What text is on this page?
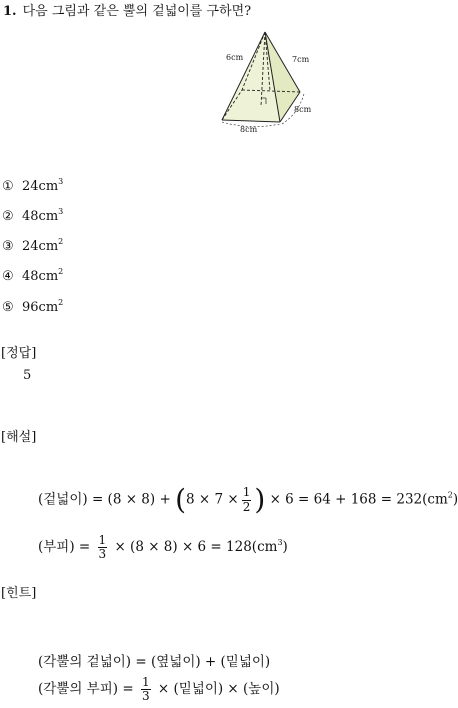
1. 다음 그림과 같은 뿔의 겉넓이를 구하면?
6cm	7cm
8cm
8cm
① $24cm^3$
② $48cm^3$
③ $24cm^2$
④ $48cm^2$
⑤ $96cm^2$
[정답]
5
[해설]
(겉넓이) = $(8 \times 8) + (8 \times 7 \times \frac{1}{2}$ ) × $6 = 64 + 168 = 232(cm^2)$
(부피) = $\frac{1}{3} \times (8 \times 8) \times 6 = 128(cm^3)$
[힌트]
(각뿔의 겉넓이) = (옆넓이) + (밑넓이)
(각뿔의 부피) = $\frac{1}{3}$ × (밑넓이) × (높이)
